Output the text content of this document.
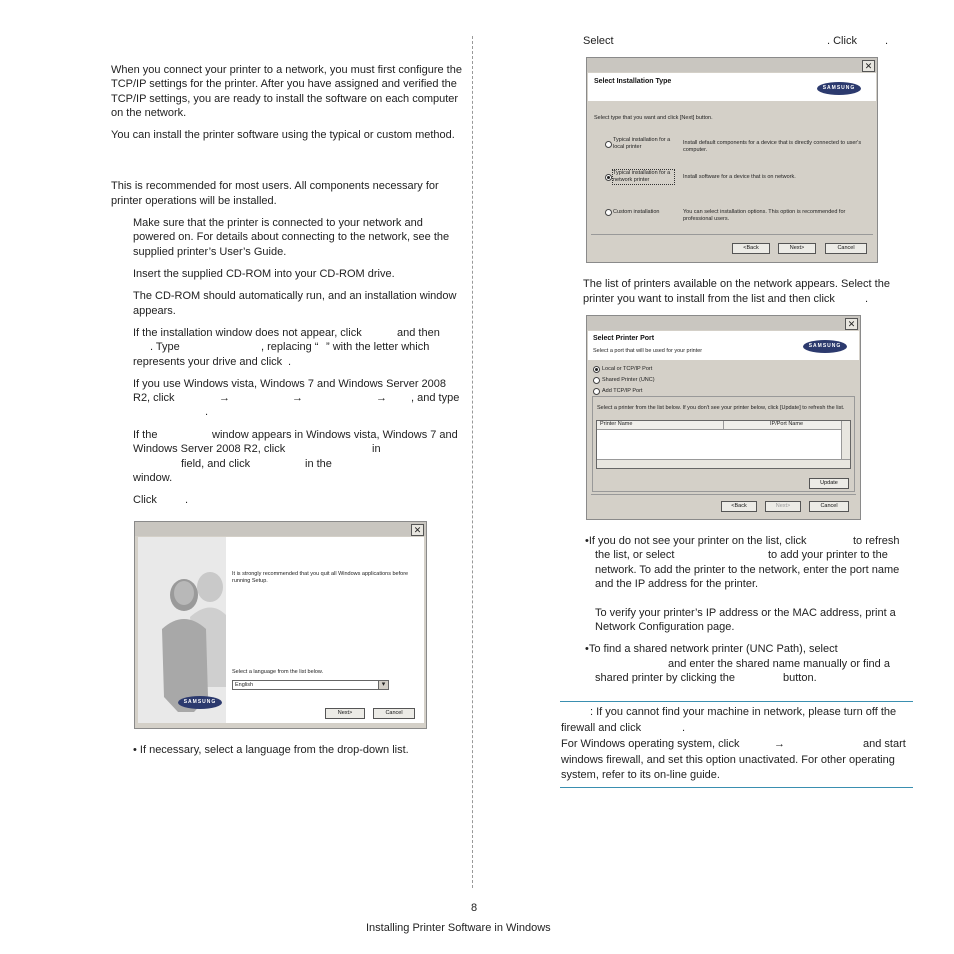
When you connect your printer to a network, you must first configure the
TCP/IP settings for the printer. After you have assigned and verified the
TCP/IP settings, you are ready to install the software on each computer
on the network.
You can install the printer software using the typical or custom method.
This is recommended for most users. All components necessary for
printer operations will be installed.
Make sure that the printer is connected to your network and
powered on. For details about connecting to the network, see the
supplied printer’s User’s Guide.
Insert the supplied CD-ROM into your CD-ROM drive.
The CD-ROM should automatically run, and an installation window
appears.
If the installation window does not appear, click	and then
. Type	, replacing “ ” with the letter which
represents your drive and click .
If you use Windows vista, Windows 7 and Windows Server 2008
R2, click	→	→	→ , and type
.
If the	window appears in Windows vista, Windows 7 and
Windows Server 2008 R2, click	in
field, and click	in the
window.
Click	.
✕
SAMSUNG
It is strongly recommended that you quit all Windows applications before
running Setup.
Select a language from the list below.
English	▾
Next>	Cancel
• If necessary, select a language from the drop-down list.
Select	. Click	.
✕
Select Installation Type
SAMSUNG
Select type that you want and click [Next] button.
Typical installation for a
local printer
Install default components for a device that is directly connected to user's
computer.
Typical installation for a
network printer	Install software for a device that is on network.
Custom installation	You can select installation options. This option is recommended for
professional users.
<Back	Next>	Cancel
The list of printers available on the network appears. Select the
printer you want to install from the list and then click	.
✕
Select Printer Port
Select a port that will be used for your printer
SAMSUNG
Local or TCP/IP Port
Shared Printer (UNC)
Add TCP/IP Port
Select a printer from the list below. If you don't see your printer below, click [Update] to refresh the list.
Printer Name	IP/Port Name
Update
<Back	Next>	Cancel
•If you do not see your printer on the list, click	to refresh
the list, or select	to add your printer to the
network. To add the printer to the network, enter the port name
and the IP address for the printer.
To verify your printer’s IP address or the MAC address, print a
Network Configuration page.
•To find a shared network printer (UNC Path), select
and enter the shared name manually or find a
shared printer by clicking the	button.
: If you cannot find your machine in network, please turn off the
firewall and click	.
For Windows operating system, click	→	and start
windows firewall, and set this option unactivated. For other operating
system, refer to its on-line guide.
8
Installing Printer Software in Windows
